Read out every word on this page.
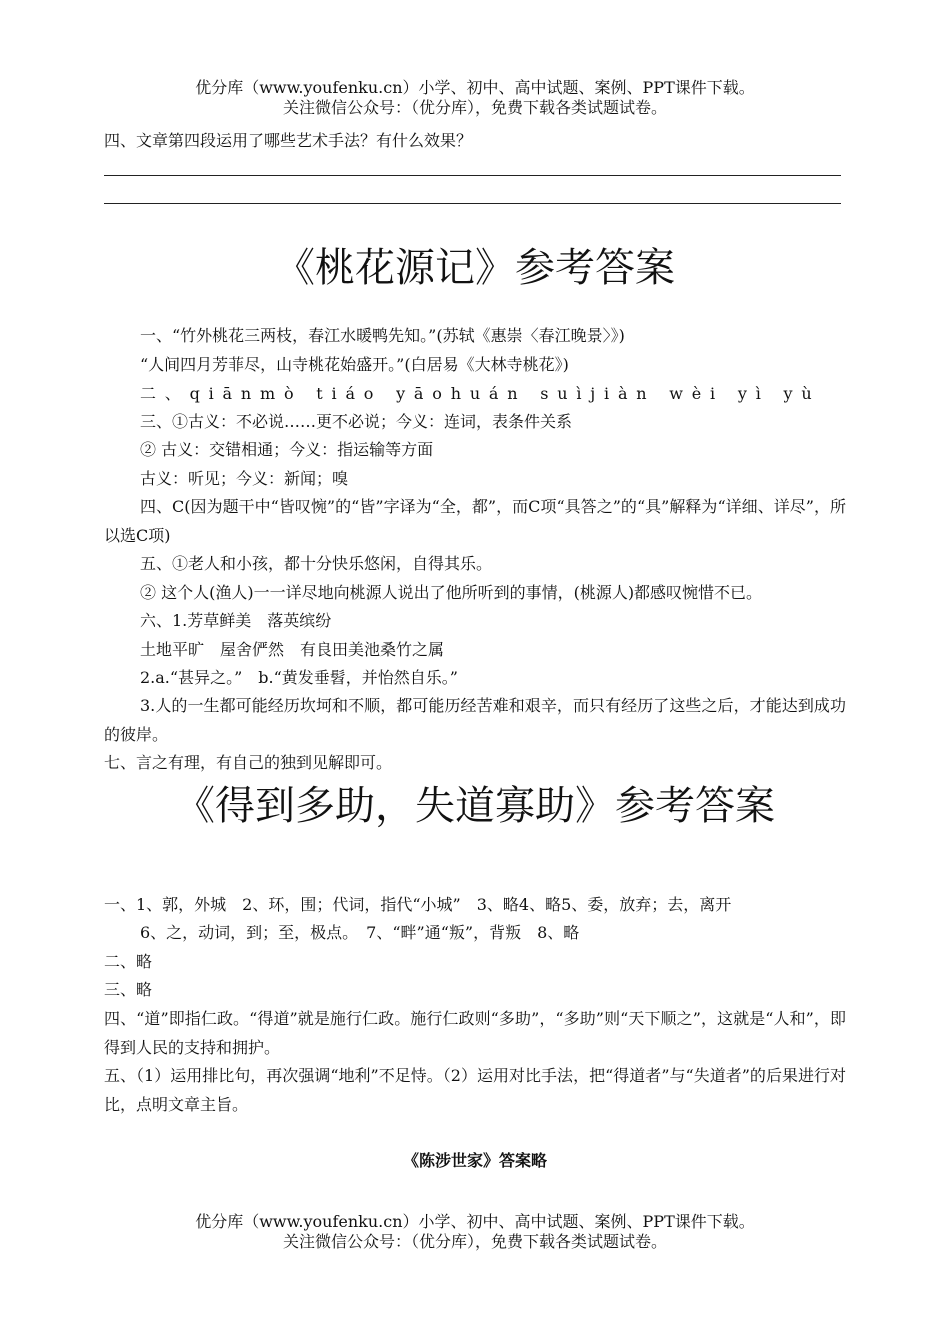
优分库（www.youfenku.cn）小学、初中、高中试题、案例、PPT课件下载。
关注微信公众号：（优分库），免费下载各类试题试卷。
四、文章第四段运用了哪些艺术手法？有什么效果？
《桃花源记》参考答案
一、“竹外桃花三两枝，春江水暖鸭先知。”(苏轼《惠崇〈春江晚景〉》)
“人间四月芳菲尽，山寺桃花始盛开。”(白居易《大林寺桃花》)
二、qiānmò tiáo yāohuán suìjiàn wèi yì yù
三、①古义：不必说……更不必说；今义：连词，表条件关系
② 古义：交错相通；今义：指运输等方面
古义：听见；今义：新闻；嗅
四、C(因为题干中“皆叹惋”的“皆”字译为“全，都”，而C项“具答之”的“具”解释为“详细、详尽”，所以选C项)
五、①老人和小孩，都十分快乐悠闲，自得其乐。
② 这个人(渔人)一一详尽地向桃源人说出了他所听到的事情，(桃源人)都感叹惋惜不已。
六、1.芳草鲜美　落英缤纷
土地平旷　屋舍俨然　有良田美池桑竹之属
2.a.“甚异之。”　b.“黄发垂髫，并怡然自乐。”
3.人的一生都可能经历坎坷和不顺，都可能历经苦难和艰辛，而只有经历了这些之后，才能达到成功的彼岸。
七、言之有理，有自己的独到见解即可。
《得到多助，失道寡助》参考答案
一、1、郭，外城　2、环，围；代词，指代“小城”　3、略4、略5、委，放弃；去，离开
6、之，动词，到；至，极点。　7、“畔”通“叛”，背叛　8、略
二、略
三、略
四、“道”即指仁政。“得道”就是施行仁政。施行仁政则“多助”，“多助”则“天下顺之”，这就是“人和”，即得到人民的支持和拥护。
五、（1）运用排比句，再次强调“地利”不足恃。（2）运用对比手法，把“得道者”与“失道者”的后果进行对比，点明文章主旨。
《陈涉世家》答案略
优分库（www.youfenku.cn）小学、初中、高中试题、案例、PPT课件下载。
关注微信公众号：（优分库），免费下载各类试题试卷。
